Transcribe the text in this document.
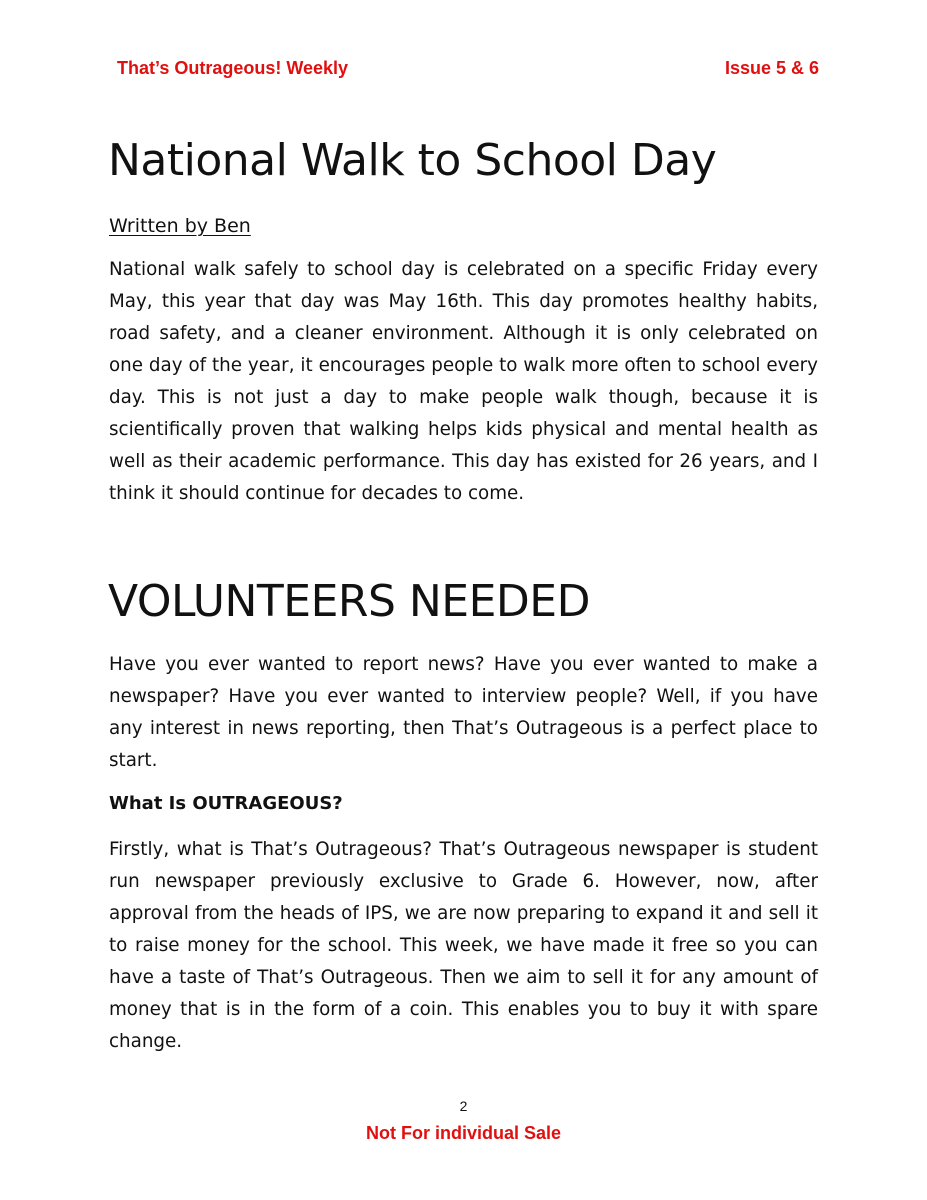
That’s Outrageous! Weekly	Issue 5 & 6
National Walk to School Day
Written by Ben

National walk safely to school day is celebrated on a specific Friday every May, this year that day was May 16th. This day promotes healthy habits, road safety, and a cleaner environment. Although it is only celebrated on one day of the year, it encourages people to walk more often to school every day. This is not just a day to make people walk though, because it is scientifically proven that walking helps kids physical and mental health as well as their academic performance. This day has existed for 26 years, and I think it should continue for decades to come.

VOLUNTEERS NEEDED

Have you ever wanted to report news? Have you ever wanted to make a newspaper? Have you ever wanted to interview people? Well, if you have any interest in news reporting, then That’s Outrageous is a perfect place to start.

What Is OUTRAGEOUS?

Firstly, what is That’s Outrageous? That’s Outrageous newspaper is student run newspaper previously exclusive to Grade 6. However, now, after approval from the heads of IPS, we are now preparing to expand it and sell it to raise money for the school. This week, we have made it free so you can have a taste of That’s Outrageous. Then we aim to sell it for any amount of money that is in the form of a coin. This enables you to buy it with spare change.

2
Not For individual Sale
